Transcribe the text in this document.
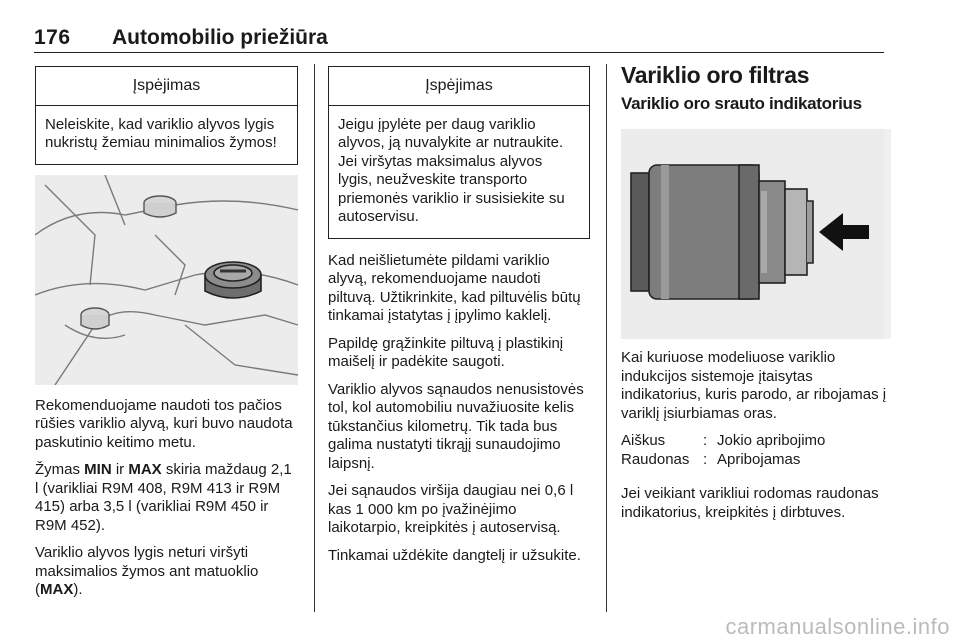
176 Automobilio priežiūra
Įspėjimas
Neleiskite, kad variklio alyvos lygis nukristų žemiau minimalios žymos!

Rekomenduojame naudoti tos pačios rūšies variklio alyvą, kuri buvo naudota paskutinio keitimo metu.

Žymas MIN ir MAX skiria maždaug 2,1 l (varikliai R9M 408, R9M 413 ir R9M 415) arba 3,5 l (varikliai R9M 450 ir R9M 452).

Variklio alyvos lygis neturi viršyti maksimalios žymos ant matuoklio (MAX).

Įspėjimas
Jeigu įpylėte per daug variklio alyvos, ją nuvalykite ar nutraukite. Jei viršytas maksimalus alyvos lygis, neužveskite transporto priemonės variklio ir susisiekite su autoservisu.

Kad neišlietumėte pildami variklio alyvą, rekomenduojame naudoti piltuvą. Užtikrinkite, kad piltuvėlis būtų tinkamai įstatytas į įpylimo kaklelį.

Papildę grąžinkite piltuvą į plastikinį maišelį ir padėkite saugoti.

Variklio alyvos sąnaudos nenusistovės tol, kol automobiliu nuvažiuosite kelis tūkstančius kilometrų. Tik tada bus galima nustatyti tikrąjį sunaudojimo laipsnį.

Jei sąnaudos viršija daugiau nei 0,6 l kas 1 000 km po įvažinėjimo laikotarpio, kreipkitės į autoservisą.

Tinkamai uždėkite dangtelį ir užsukite.

Variklio oro filtras
Variklio oro srauto indikatorius

Kai kuriuose modeliuose variklio indukcijos sistemoje įtaisytas indikatorius, kuris parodo, ar ribojamas į variklį įsiurbiamas oras.

Aiškus	: Jokio apribojimo
Raudonas : Apribojamas

Jei veikiant varikliui rodomas raudonas indikatorius, kreipkitės į dirbtuves.

carmanualsonline.info
